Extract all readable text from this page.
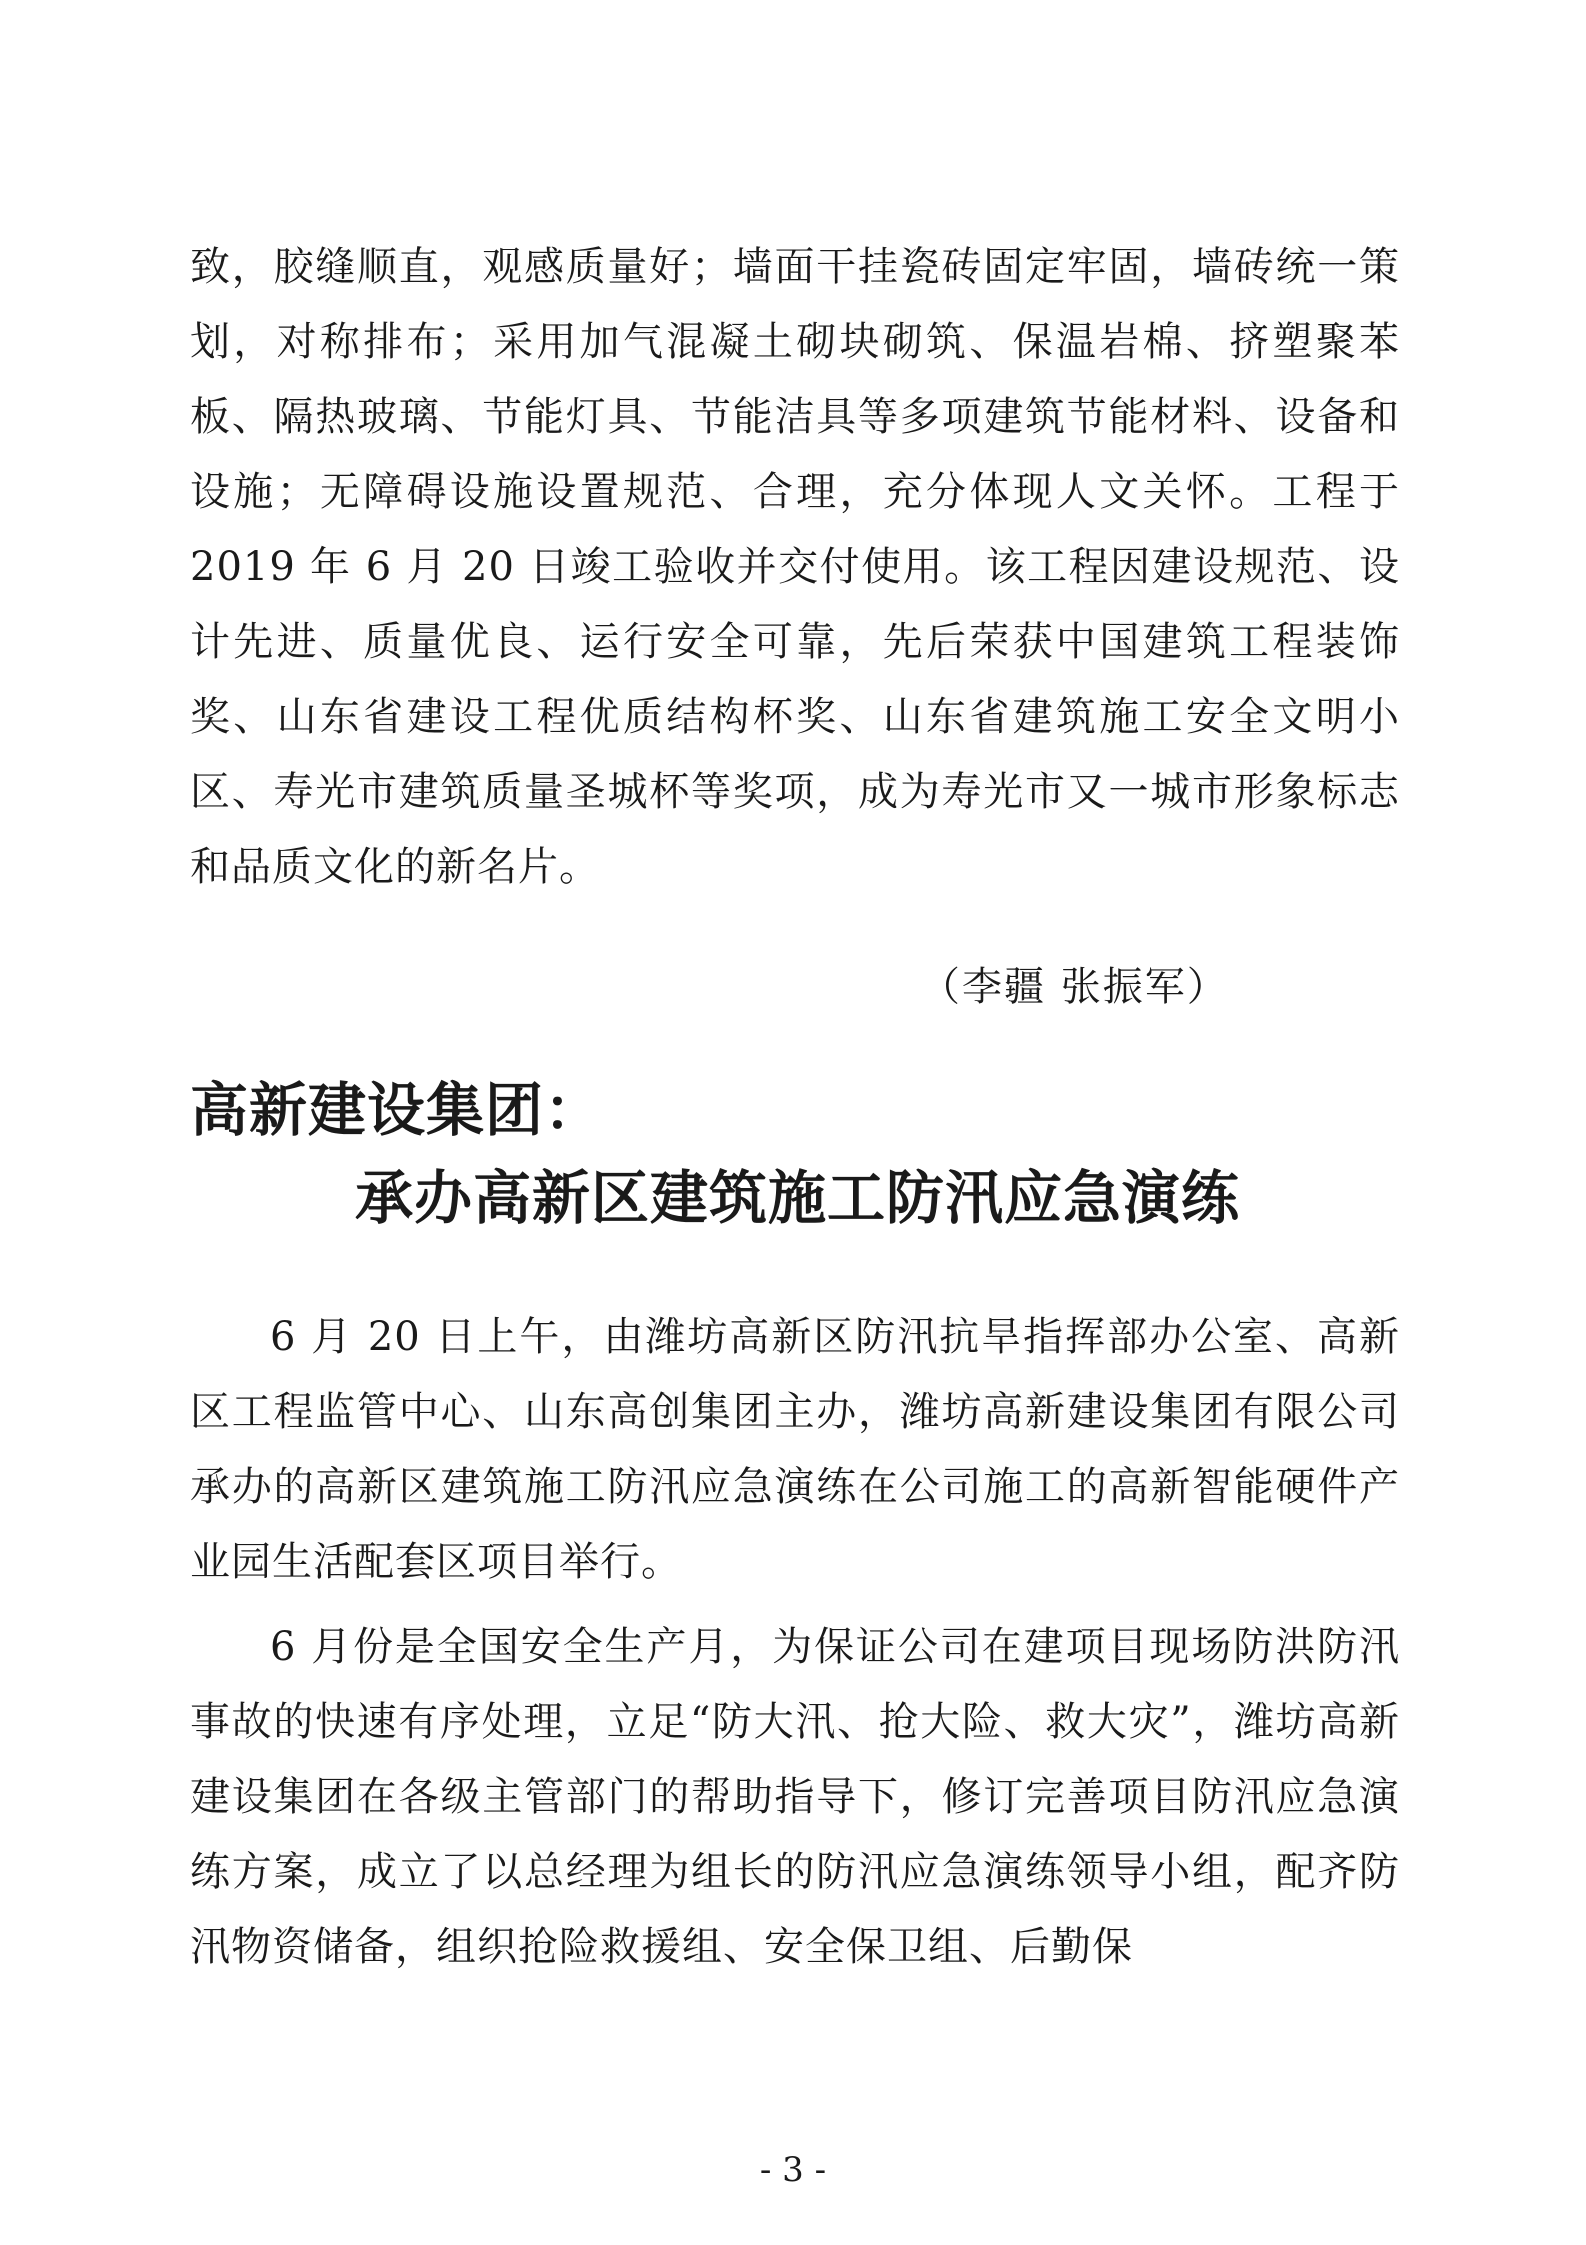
致，胶缝顺直，观感质量好；墙面干挂瓷砖固定牢固，墙砖统一策划，对称排布；采用加气混凝土砌块砌筑、保温岩棉、挤塑聚苯板、隔热玻璃、节能灯具、节能洁具等多项建筑节能材料、设备和设施；无障碍设施设置规范、合理，充分体现人文关怀。工程于 2019 年 6 月 20 日竣工验收并交付使用。该工程因建设规范、设计先进、质量优良、运行安全可靠，先后荣获中国建筑工程装饰奖、山东省建设工程优质结构杯奖、山东省建筑施工安全文明小区、寿光市建筑质量圣城杯等奖项，成为寿光市又一城市形象标志和品质文化的新名片。

（李疆 张振军）
高新建设集团：
承办高新区建筑施工防汛应急演练

6 月 20 日上午，由潍坊高新区防汛抗旱指挥部办公室、高新区工程监管中心、山东高创集团主办，潍坊高新建设集团有限公司承办的高新区建筑施工防汛应急演练在公司施工的高新智能硬件产业园生活配套区项目举行。

6 月份是全国安全生产月，为保证公司在建项目现场防洪防汛事故的快速有序处理，立足“防大汛、抢大险、救大灾”，潍坊高新建设集团在各级主管部门的帮助指导下，修订完善项目防汛应急演练方案，成立了以总经理为组长的防汛应急演练领导小组，配齐防汛物资储备，组织抢险救援组、安全保卫组、后勤保

- 3 -
